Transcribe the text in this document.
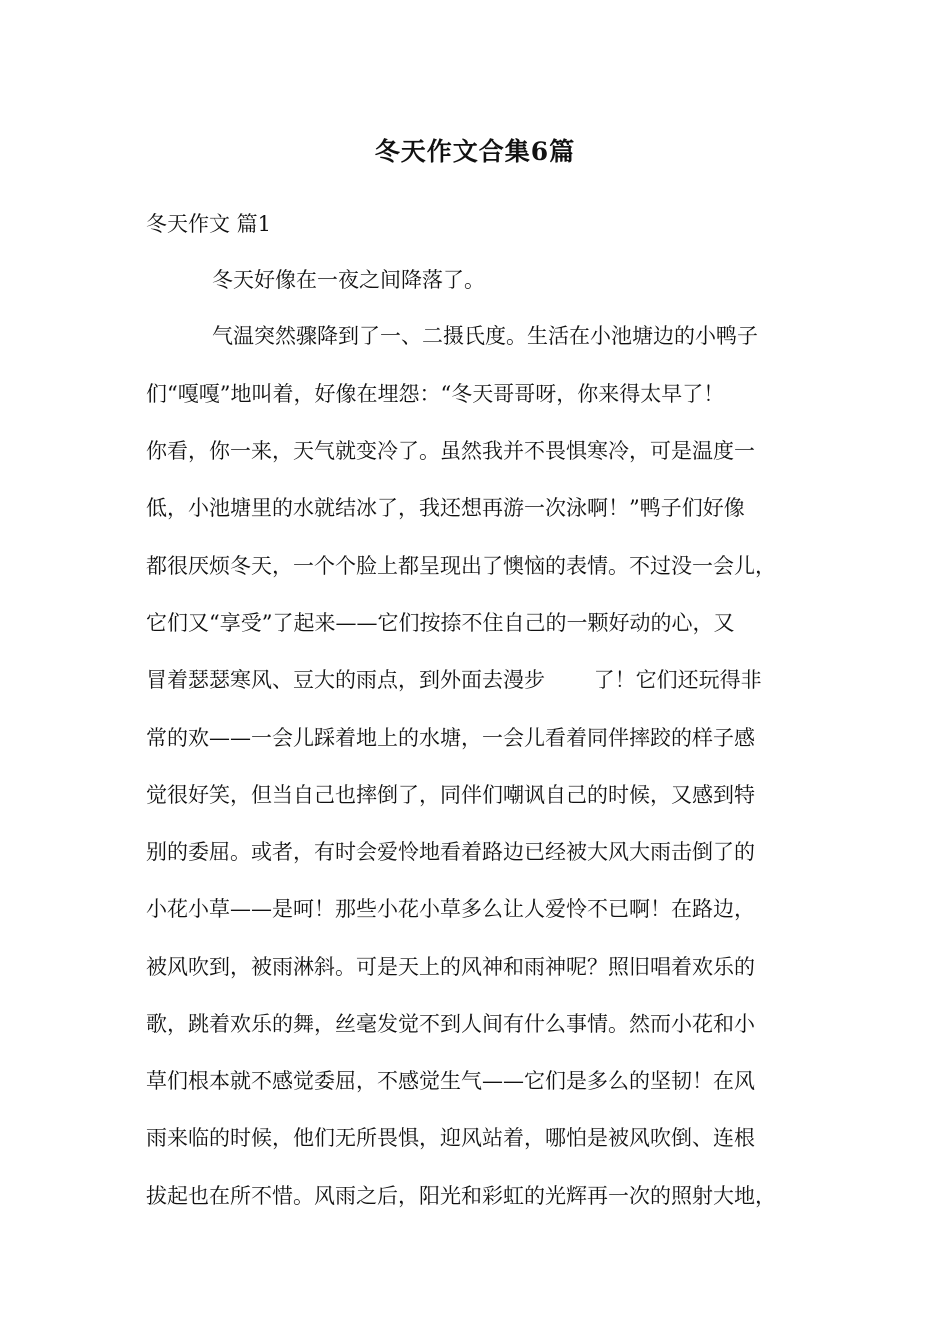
冬天作文合集6篇

冬天作文 篇1

冬天好像在一夜之间降落了。

气温突然骤降到了一、二摄氏度。生活在小池塘边的小鸭子

们“嘎嘎”地叫着，好像在埋怨：“冬天哥哥呀，你来得太早了！

你看，你一来，天气就变冷了。虽然我并不畏惧寒冷，可是温度一

低，小池塘里的水就结冰了，我还想再游一次泳啊！”鸭子们好像

都很厌烦冬天，一个个脸上都呈现出了懊恼的表情。不过没一会儿，

它们又“享受”了起来——它们按捺不住自己的一颗好动的心，又

冒着瑟瑟寒风、豆大的雨点，到外面去漫步　　 了！它们还玩得非

常的欢——一会儿踩着地上的水塘，一会儿看着同伴摔跤的样子感

觉很好笑，但当自己也摔倒了，同伴们嘲讽自己的时候，又感到特

别的委屈。或者，有时会爱怜地看着路边已经被大风大雨击倒了的

小花小草——是呵！那些小花小草多么让人爱怜不已啊！在路边，

被风吹到，被雨淋斜。可是天上的风神和雨神呢？照旧唱着欢乐的

歌，跳着欢乐的舞，丝毫发觉不到人间有什么事情。然而小花和小

草们根本就不感觉委屈，不感觉生气——它们是多么的坚韧！在风

雨来临的时候，他们无所畏惧，迎风站着，哪怕是被风吹倒、连根

拔起也在所不惜。风雨之后，阳光和彩虹的光辉再一次的照射大地，
